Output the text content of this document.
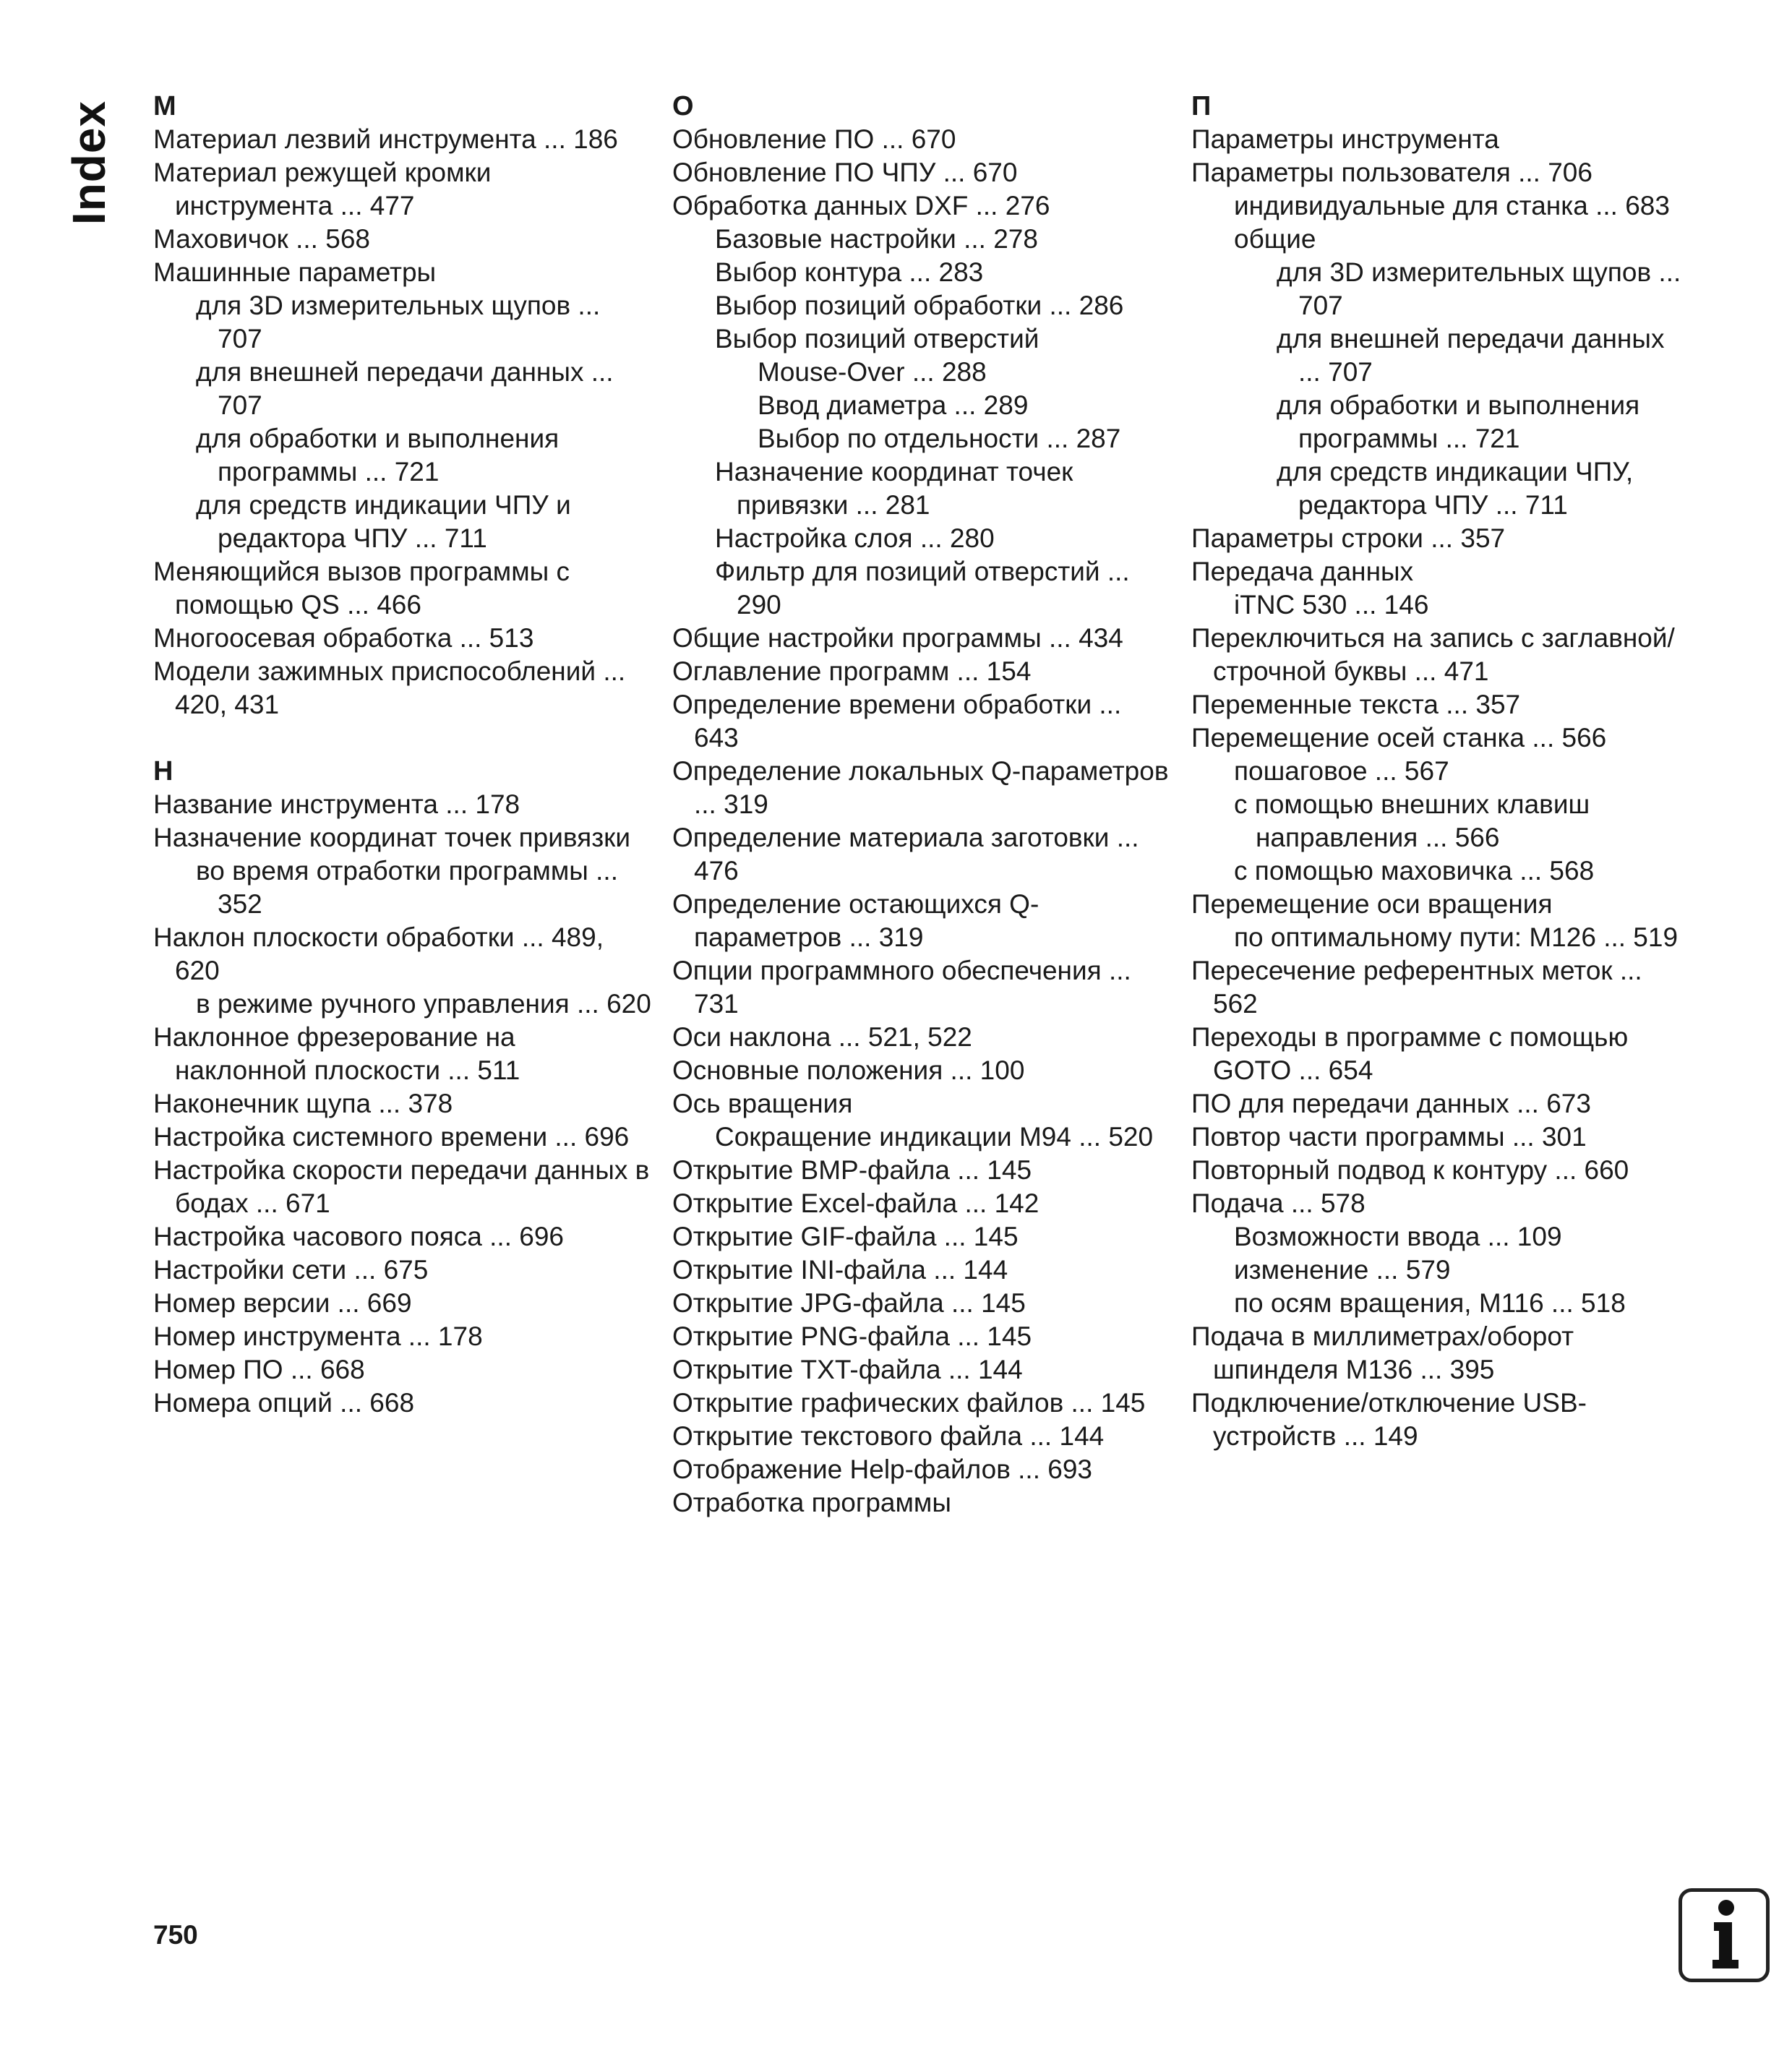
Index М
Материал лезвий инструмента ... 186
Материал режущей кромки инструмента ... 477
Маховичок ... 568
Машинные параметры
для 3D измерительных щупов ... 707
для внешней передачи данных ... 707
для обработки и выполнения программы ... 721
для средств индикации ЧПУ и редактора ЧПУ ... 711
Меняющийся вызов программы с помощью QS ... 466
Многоосевая обработка ... 513
Модели зажимных приспособлений ... 420, 431
Н
Название инструмента ... 178
Назначение координат точек привязки
во время отработки программы ... 352
Наклон плоскости обработки ... 489, 620
в режиме ручного управления ... 620
Наклонное фрезерование на наклонной плоскости ... 511
Наконечник щупа ... 378
Настройка системного времени ... 696
Настройка скорости передачи данных в бодах ... 671
Настройка часового пояса ... 696
Настройки сети ... 675
Номер версии ... 669
Номер инструмента ... 178
Номер ПО ... 668
Номера опций ... 668
О
Обновление ПО ... 670
Обновление ПО ЧПУ ... 670
Обработка данных DXF ... 276
Базовые настройки ... 278
Выбор контура ... 283
Выбор позиций обработки ... 286
Выбор позиций отверстий
Mouse-Over ... 288
Ввод диаметра ... 289
Выбор по отдельности ... 287
Назначение координат точек привязки ... 281
Настройка слоя ... 280
Фильтр для позиций отверстий ... 290
Общие настройки программы ... 434
Оглавление программ ... 154
Определение времени обработки ... 643
Определение локальных Q-параметров ... 319
Определение материала заготовки ... 476
Определение остающихся Q-параметров ... 319
Опции программного обеспечения ... 731
Оси наклона ... 521, 522
Основные положения ... 100
Ось вращения
Сокращение индикации M94 ... 520
Открытие BMP-файла ... 145
Открытие Excel-файла ... 142
Открытие GIF-файла ... 145
Открытие INI-файла ... 144
Открытие JPG-файла ... 145
Открытие PNG-файла ... 145
Открытие TXT-файла ... 144
Открытие графических файлов ... 145
Открытие текстового файла ... 144
Отображение Help-файлов ... 693
Отработка программы
П
Параметры инструмента
Параметры пользователя ... 706
индивидуальные для станка ... 683
общие
для 3D измерительных щупов ... 707
для внешней передачи данных ... 707
для обработки и выполнения программы ... 721
для средств индикации ЧПУ, редактора ЧПУ ... 711
Параметры строки ... 357
Передача данных
iTNC 530 ... 146
Переключиться на запись с заглавной/строчной буквы ... 471
Переменные текста ... 357
Перемещение осей станка ... 566
пошаговое ... 567
с помощью внешних клавиш направления ... 566
с помощью маховичка ... 568
Перемещение оси вращения
по оптимальному пути: M126 ... 519
Пересечение референтных меток ... 562
Переходы в программе с помощью GOTO ... 654
ПО для передачи данных ... 673
Повтор части программы ... 301
Повторный подвод к контуру ... 660
Подача ... 578
Возможности ввода ... 109
изменение ... 579
по осям вращения, M116 ... 518
Подача в миллиметрах/оборот шпинделя M136 ... 395
Подключение/отключение USB-устройств ... 149
750
